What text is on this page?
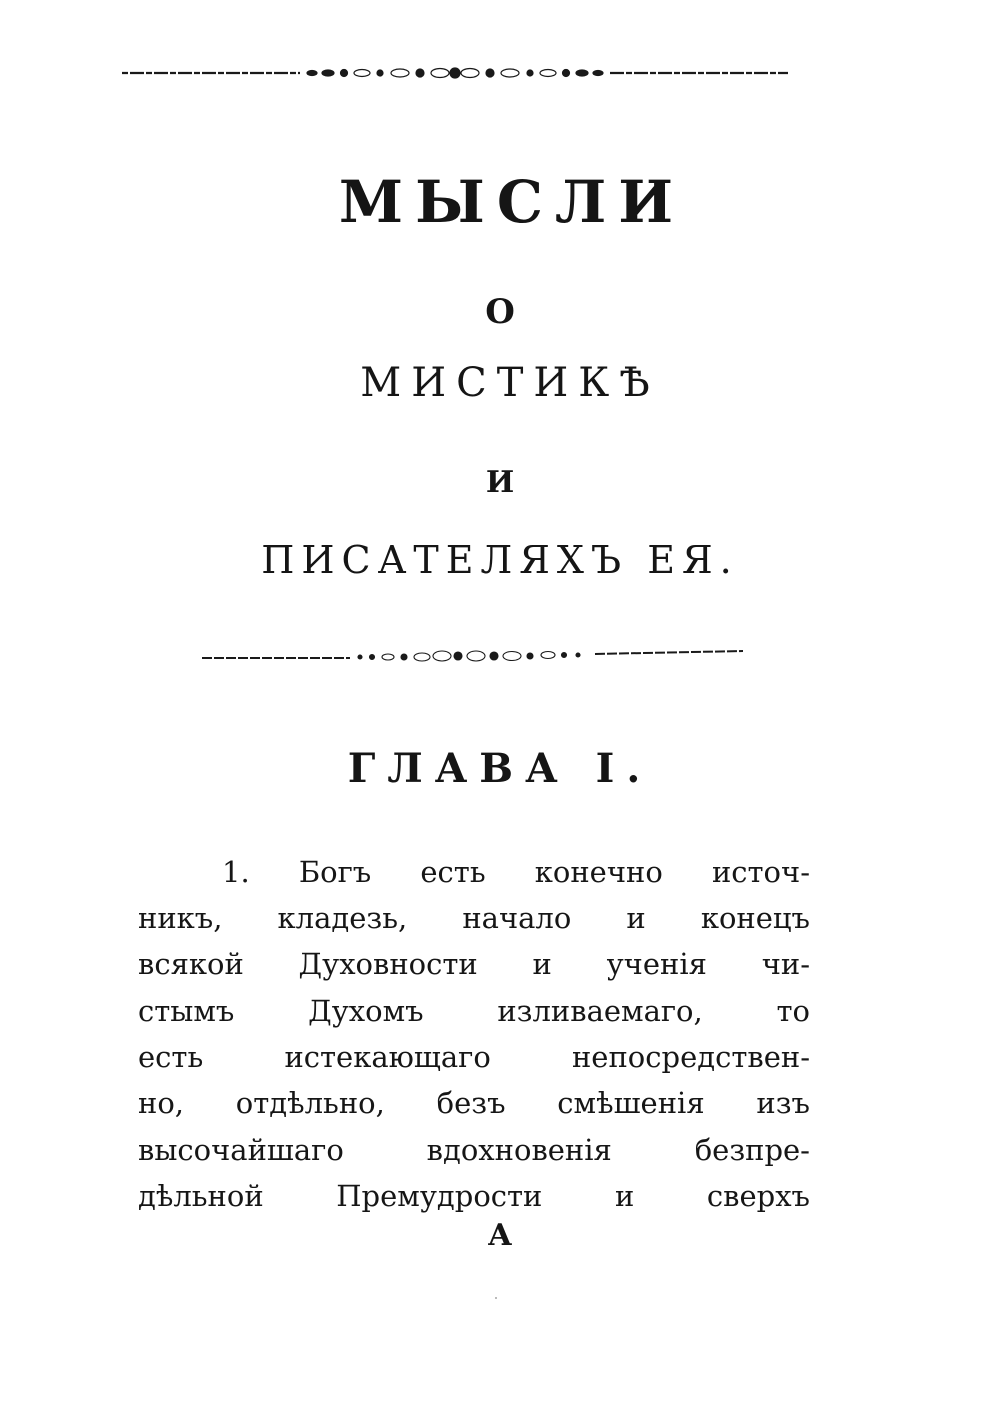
МЫСЛИ
О
МИСТИКѢ
И
ПИСАТЕЛЯХЪ ЕЯ.
ГЛАВА I.
1. Богъ есть конечно источ-
никъ, кладезь, начало и конецъ
всякой Духовности и ученія чи-
стымъ Духомъ изливаемаго, то
есть истекающаго непосредствен-
но, отдѣльно, безъ смѣшенія изъ
высочайшаго вдохновенія безпре-
дѣльной Премудрости и сверхъ
А
